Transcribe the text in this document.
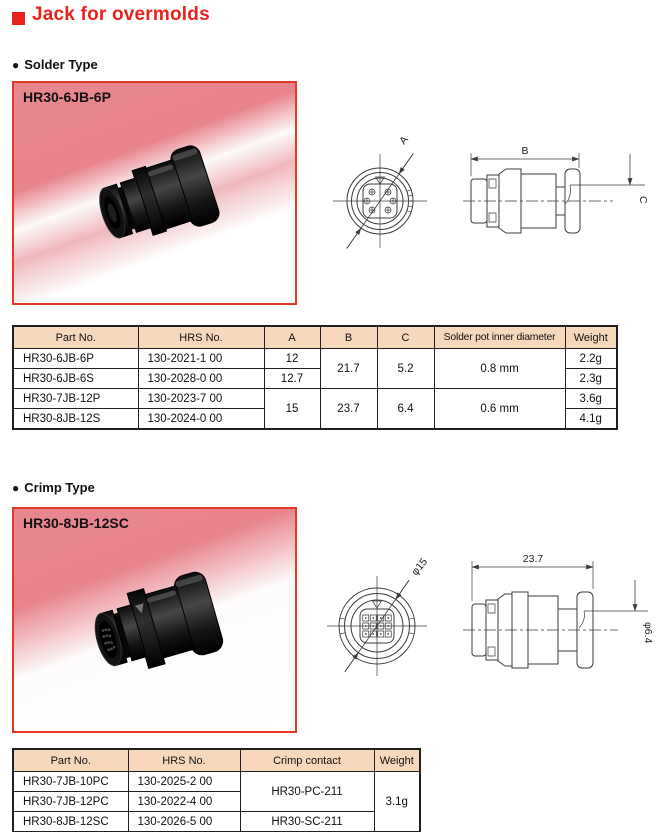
Jack for overmolds
● Solder Type
HR30-6JB-6P
A
B
C
Part No.	HRS No.	A	B	C	Solder pot inner diameter	Weight
HR30-6JB-6P	130-2021-1 00	12	21.7	5.2	0.8 mm	2.2g
HR30-6JB-6S	130-2028-0 00	12.7				2.3g
HR30-7JB-12P	130-2023-7 00	15	23.7	6.4	0.6 mm	3.6g
HR30-8JB-12S	130-2024-0 00					4.1g
● Crimp Type
HR30-8JB-12SC
φ15	23.7
φ6.4
Part No.	HRS No.	Crimp contact	Weight
HR30-7JB-10PC	130-2025-2 00	HR30-PC-211	3.1g
HR30-7JB-12PC	130-2022-4 00		
HR30-8JB-12SC	130-2026-5 00	HR30-SC-211	
